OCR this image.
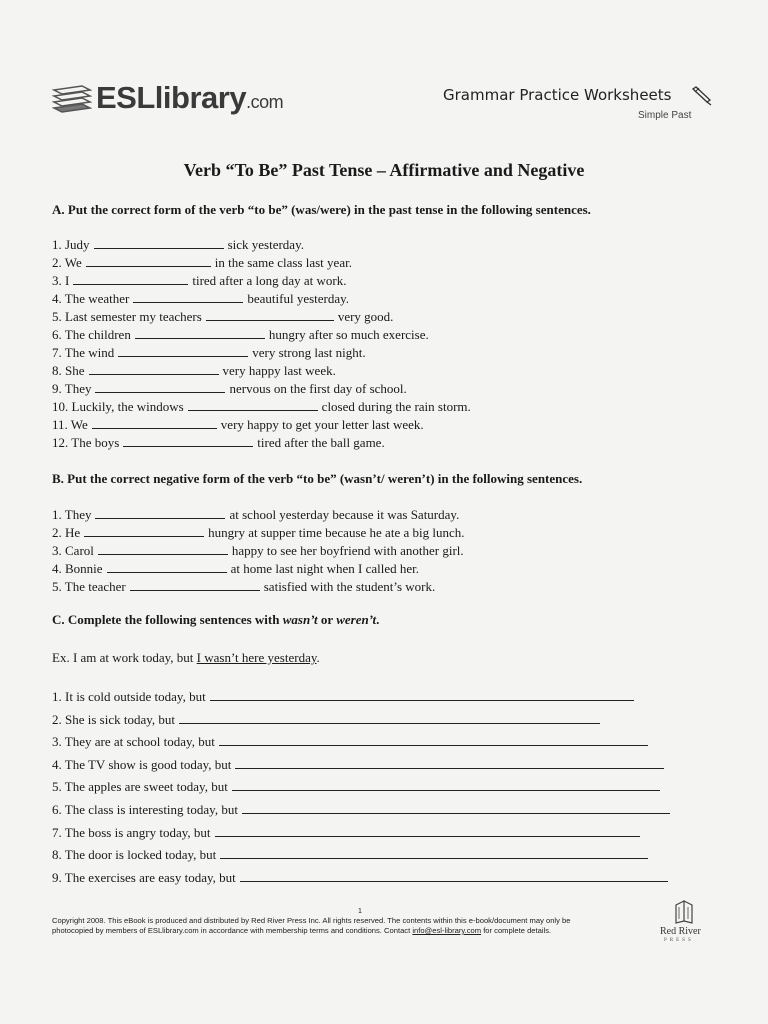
ESLlibrary.com	Grammar Practice Worksheets
Simple Past
Verb “To Be” Past Tense – Affirmative and Negative
A. Put the correct form of the verb “to be” (was/were) in the past tense in the following sentences.
1. Judy	sick yesterday.
2. We	in the same class last year.
3. I	tired after a long day at work.
4. The weather	beautiful yesterday.
5. Last semester my teachers	very good.
6. The children	hungry after so much exercise.
7. The wind	very strong last night.
8. She	very happy last week.
9. They	nervous on the first day of school.
10. Luckily, the windows	closed during the rain storm.
11. We	very happy to get your letter last week.
12. The boys	tired after the ball game.
B. Put the correct negative form of the verb “to be” (wasn’t/ weren’t) in the following sentences.
1. They	at school yesterday because it was Saturday.
2. He	hungry at supper time because he ate a big lunch.
3. Carol	happy to see her boyfriend with another girl.
4. Bonnie	at home last night when I called her.
5. The teacher	satisfied with the student’s work.
C. Complete the following sentences with wasn’t or weren’t.
Ex. I am at work today, but I wasn’t here yesterday.
1. It is cold outside today, but
2. She is sick today, but
3. They are at school today, but
4. The TV show is good today, but
5. The apples are sweet today, but
6. The class is interesting today, but
7. The boss is angry today, but
8. The door is locked today, but
9. The exercises are easy today, but
1
Copyright 2008. This eBook is produced and distributed by Red River Press Inc. All rights reserved. The contents within this e-book/document may only be
photocopied by members of ESLlibrary.com in accordance with membership terms and conditions. Contact info@esl-library.com for complete details.	Red River
PRESS
